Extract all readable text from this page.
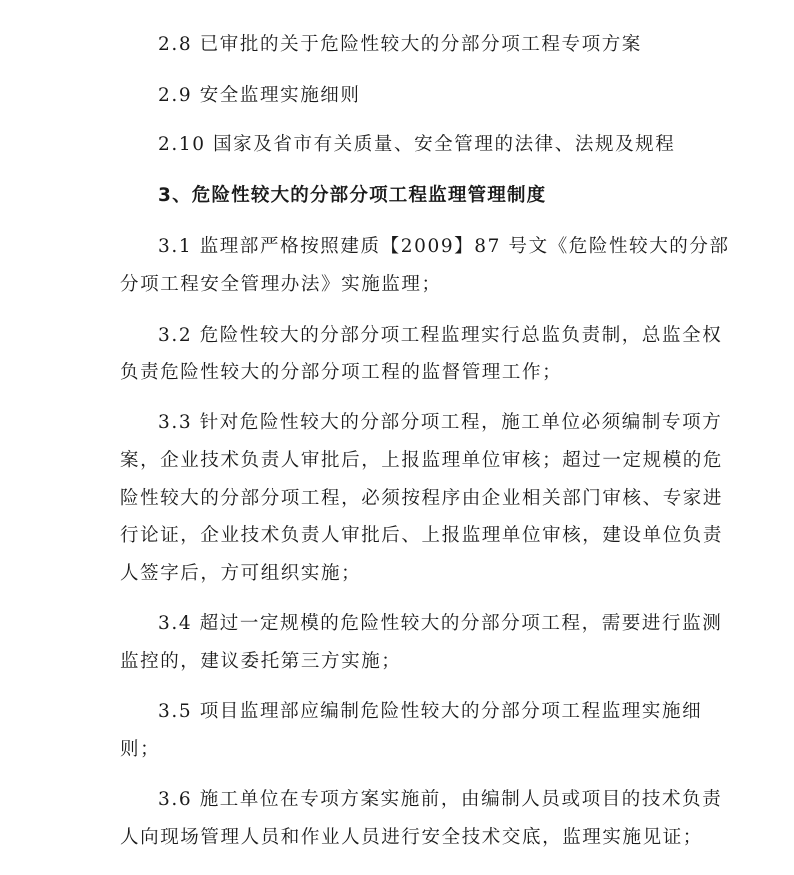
2.8 已审批的关于危险性较大的分部分项工程专项方案
2.9 安全监理实施细则
2.10 国家及省市有关质量、安全管理的法律、法规及规程
3、危险性较大的分部分项工程监理管理制度
3.1 监理部严格按照建质【2009】87 号文《危险性较大的分部
分项工程安全管理办法》实施监理；
3.2 危险性较大的分部分项工程监理实行总监负责制，总监全权
负责危险性较大的分部分项工程的监督管理工作；
3.3 针对危险性较大的分部分项工程，施工单位必须编制专项方
案，企业技术负责人审批后，上报监理单位审核；超过一定规模的危
险性较大的分部分项工程，必须按程序由企业相关部门审核、专家进
行论证，企业技术负责人审批后、上报监理单位审核，建设单位负责
人签字后，方可组织实施；
3.4 超过一定规模的危险性较大的分部分项工程，需要进行监测
监控的，建议委托第三方实施；
3.5 项目监理部应编制危险性较大的分部分项工程监理实施细
则；
3.6 施工单位在专项方案实施前，由编制人员或项目的技术负责
人向现场管理人员和作业人员进行安全技术交底，监理实施见证；
